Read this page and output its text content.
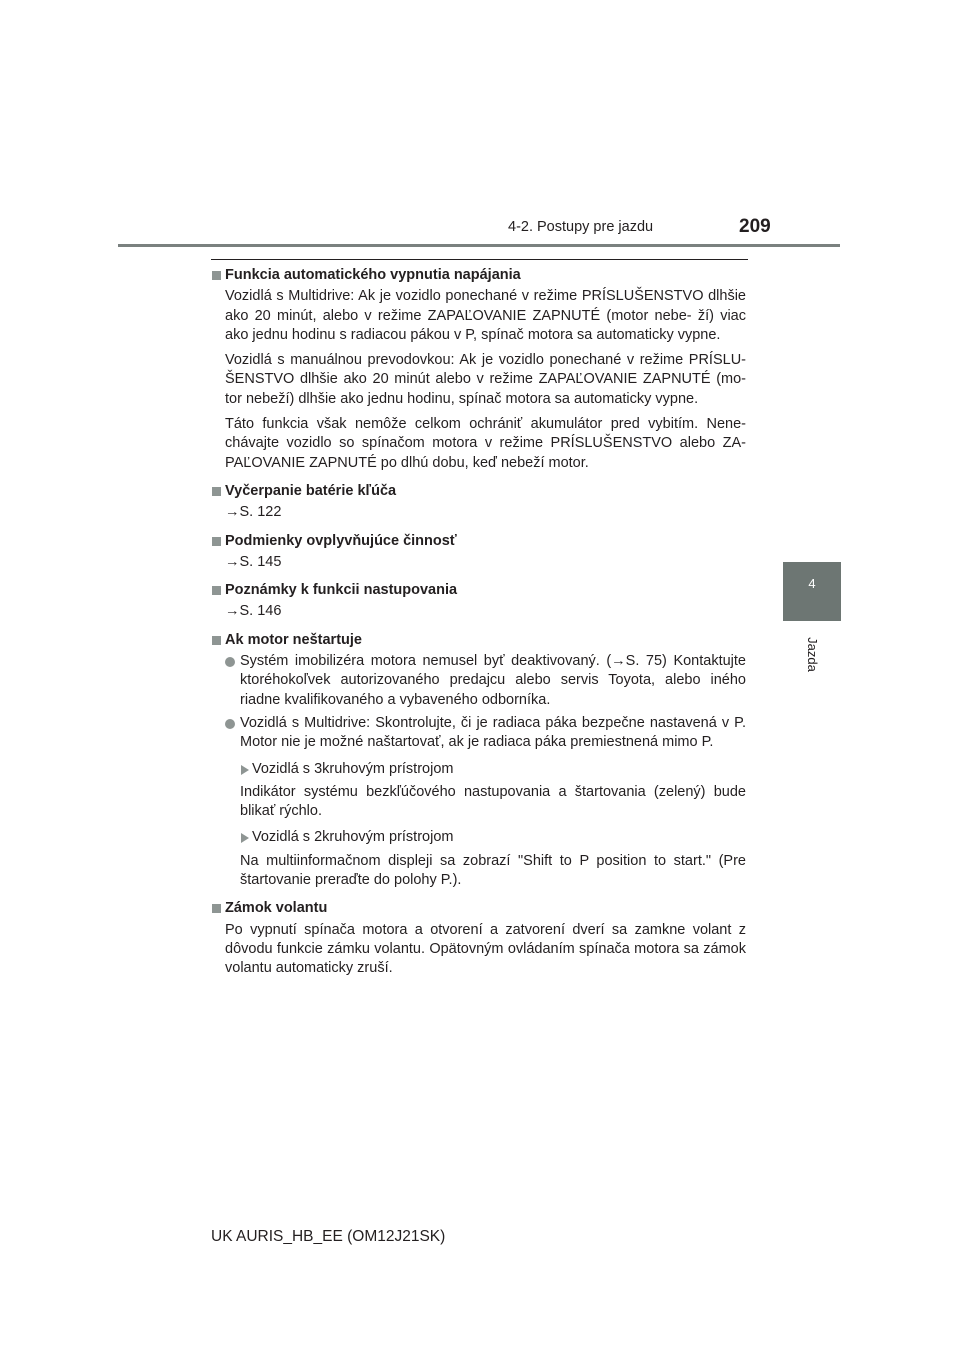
4-2. Postupy pre jazdu	209
4
Jazda

Funkcia automatického vypnutia napájania

Vozidlá s Multidrive: Ak je vozidlo ponechané v režime PRÍSLUŠENSTVO dlhšie ako 20 minút, alebo v režime ZAPAĽOVANIE ZAPNUTÉ (motor nebe- ží) viac ako jednu hodinu s radiacou pákou v P, spínač motora sa automaticky vypne.

Vozidlá s manuálnou prevodovkou: Ak je vozidlo ponechané v režime PRÍSLU- ŠENSTVO dlhšie ako 20 minút alebo v režime ZAPAĽOVANIE ZAPNUTÉ (mo- tor nebeží) dlhšie ako jednu hodinu, spínač motora sa automaticky vypne.

Táto funkcia však nemôže celkom ochrániť akumulátor pred vybitím. Nene- chávajte vozidlo so spínačom motora v režime PRÍSLUŠENSTVO alebo ZA- PAĽOVANIE ZAPNUTÉ po dlhú dobu, keď nebeží motor.

Vyčerpanie batérie kľúča

→S. 122

Podmienky ovplyvňujúce činnosť

→S. 145

Poznámky k funkcii nastupovania

→S. 146

Ak motor neštartuje

Systém imobilizéra motora nemusel byť deaktivovaný. (→S. 75) Kontaktujte ktoréhokoľvek autorizovaného predajcu alebo servis Toyota, alebo iného riadne kvalifikovaného a vybaveného odborníka.

Vozidlá s Multidrive: Skontrolujte, či je radiaca páka bezpečne nastavená v P. Motor nie je možné naštartovať, ak je radiaca páka premiestnená mimo P.

Vozidlá s 3kruhovým prístrojom

Indikátor systému bezkľúčového nastupovania a štartovania (zelený) bude blikať rýchlo.

Vozidlá s 2kruhovým prístrojom

Na multiinformačnom displeji sa zobrazí "Shift to P position to start." (Pre štartovanie preraďte do polohy P.).

Zámok volantu

Po vypnutí spínača motora a otvorení a zatvorení dverí sa zamkne volant z dôvodu funkcie zámku volantu. Opätovným ovládaním spínača motora sa zámok volantu automaticky zruší.

UK AURIS_HB_EE (OM12J21SK)
